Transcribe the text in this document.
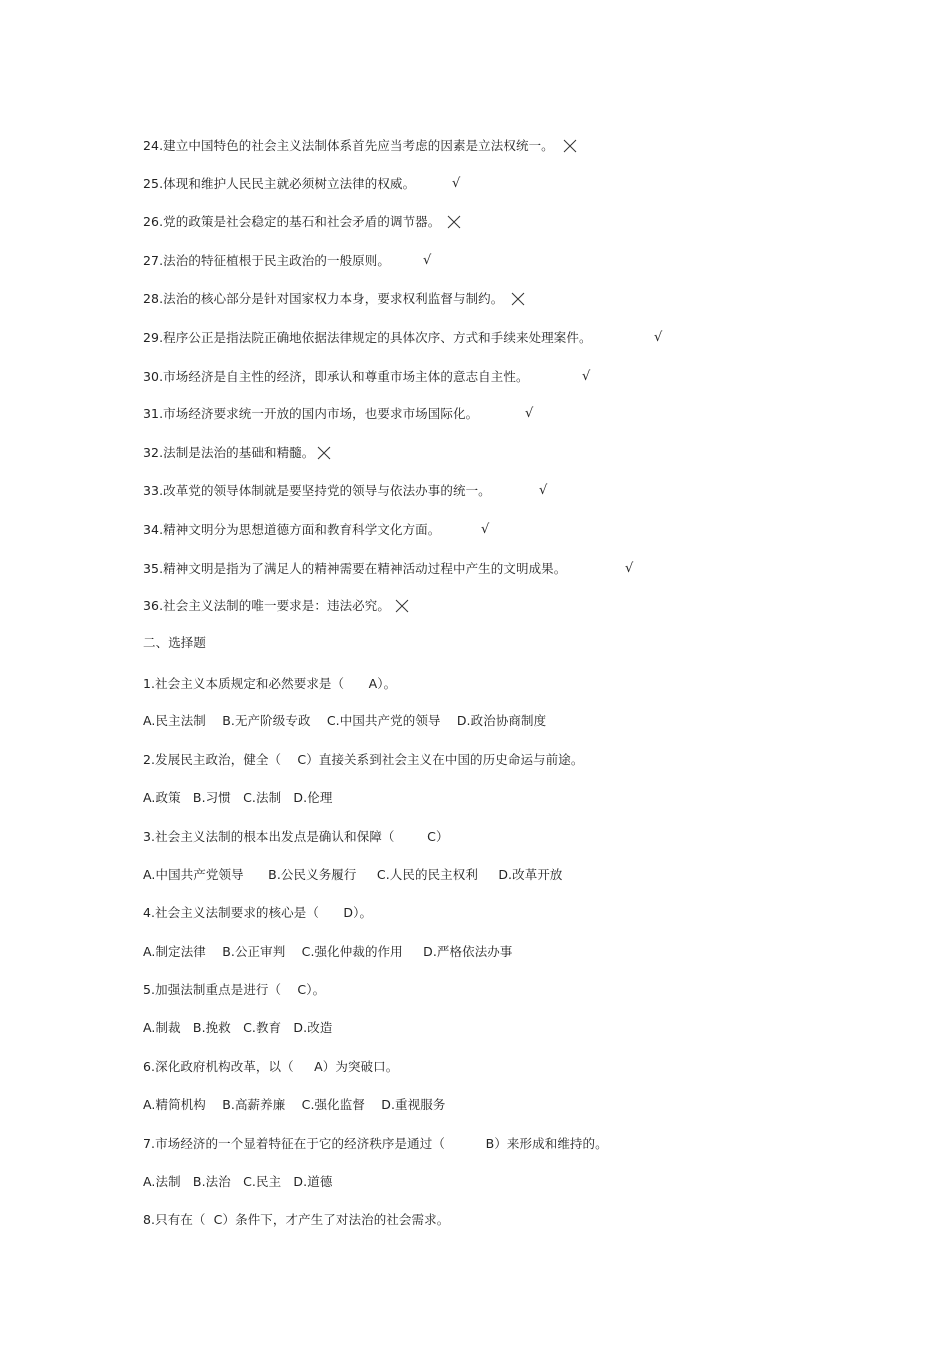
24.建立中国特色的社会主义法制体系首先应当考虑的因素是立法权统一。
25.体现和维护人民民主就必须树立法律的权威。	√
26.党的政策是社会稳定的基石和社会矛盾的调节器。
27.法治的特征植根于民主政治的一般原则。	√
28.法治的核心部分是针对国家权力本身，要求权利监督与制约。
29.程序公正是指法院正确地依据法律规定的具体次序、方式和手续来处理案件。	√
30.市场经济是自主性的经济，即承认和尊重市场主体的意志自主性。	√
31.市场经济要求统一开放的国内市场，也要求市场国际化。	√
32.法制是法治的基础和精髓。
33.改革党的领导体制就是要坚持党的领导与依法办事的统一。	√
34.精神文明分为思想道德方面和教育科学文化方面。	√
35.精神文明是指为了满足人的精神需要在精神活动过程中产生的文明成果。	√
36.社会主义法制的唯一要求是：违法必究。
二、选择题
1.社会主义本质规定和必然要求是（      A）。
A.民主法制    B.无产阶级专政    C.中国共产党的领导    D.政治协商制度
2.发展民主政治，健全（    C）直接关系到社会主义在中国的历史命运与前途。
A.政策   B.习惯   C.法制   D.伦理
3.社会主义法制的根本出发点是确认和保障（        C）
A.中国共产党领导      B.公民义务履行     C.人民的民主权利     D.改革开放
4.社会主义法制要求的核心是（      D）。
A.制定法律    B.公正审判    C.强化仲裁的作用     D.严格依法办事
5.加强法制重点是进行（    C）。
A.制裁   B.挽救   C.教育   D.改造
6.深化政府机构改革，以（     A）为突破口。
A.精简机构    B.高薪养廉    C.强化监督    D.重视服务
7.市场经济的一个显着特征在于它的经济秩序是通过（          B）来形成和维持的。
A.法制   B.法治   C.民主   D.道德
8.只有在（  C）条件下，才产生了对法治的社会需求。
